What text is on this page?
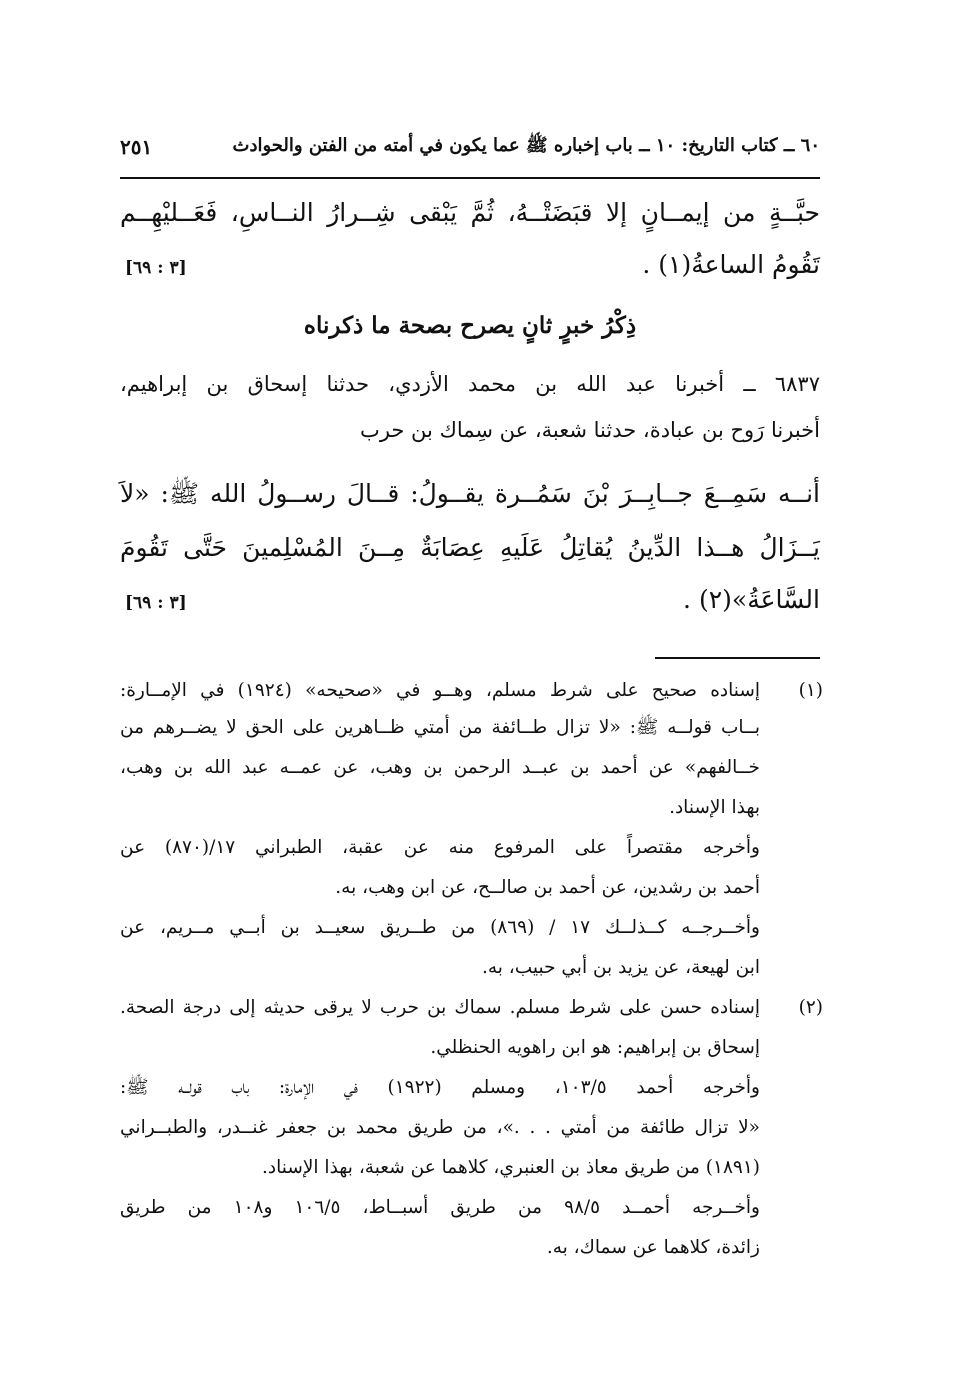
٦٠ ــ كتاب التاريخ: ١٠ ــ باب إخباره ﷺ عما يكون في أمته من الفتن والحوادث
٢٥١
حبَّــةٍ من إيمــانٍ إلا قبَضَتْــهُ، ثُمَّ يَبْقى شِــرارُ النــاسِ، فَعَــليْهِــم
تَقُومُ الساعةُ(١) .
[٣ : ٦٩]
ذِكْرُ خبرٍ ثانٍ يصرح بصحة ما ذكرناه
٦٨٣٧ ــ أخبرنا عبد الله بن محمد الأزدي، حدثنا إسحاق بن إبراهيم،
أخبرنا رَوح بن عبادة، حدثنا شعبة، عن سِماك بن حرب
أنــه سَمِــعَ جــابِــرَ بْنَ سَمُــرة يقــولُ: قــالَ رســولُ الله ﷺ: «لاَ
يَــزَالُ هــذا الدِّينُ يُقاتِلُ عَلَيهِ عِصَابَةٌ مِــنَ المُسْلِمينَ حَتَّى تَقُومَ
السَّاعَةُ»(٢) .
[٣ : ٦٩]
(١)
إسناده صحيح على شرط مسلم، وهــو في «صحيحه» (١٩٢٤) في الإمــارة:
بــاب قولــه ﷺ: «لا تزال طــائفة من أمتي ظــاهرين على الحق لا يضــرهم من
خــالفهم» عن أحمد بن عبــد الرحمن بن وهب، عن عمــه عبد الله بن وهب،
بهذا الإسناد.
وأخرجه مقتصراً على المرفوع منه عن عقبة، الطبراني ١٧/(٨٧٠) عن
أحمد بن رشدين، عن أحمد بن صالــح، عن ابن وهب، به.
وأخــرجــه كــذلــك ١٧ / (٨٦٩) من طــريق سعيــد بن أبــي مــريم، عن
ابن لهيعة، عن يزيد بن أبي حبيب، به.
(٢)
إسناده حسن على شرط مسلم. سماك بن حرب لا يرقى حديثه إلى درجة الصحة.
إسحاق بن إبراهيم: هو ابن راهويه الحنظلي.
وأخرجه أحمد ١٠٣/٥، ومسلم (١٩٢٢) في الإمارة: باب قولــه ﷺ:
«لا تزال طائفة من أمتي . . .»، من طريق محمد بن جعفر غنــدر، والطبــراني
(١٨٩١) من طريق معاذ بن العنبري، كلاهما عن شعبة، بهذا الإسناد.
وأخــرجه أحمــد ٩٨/٥ من طريق أسبــاط، ١٠٦/٥ و١٠٨ من طريق
زائدة، كلاهما عن سماك، به.
